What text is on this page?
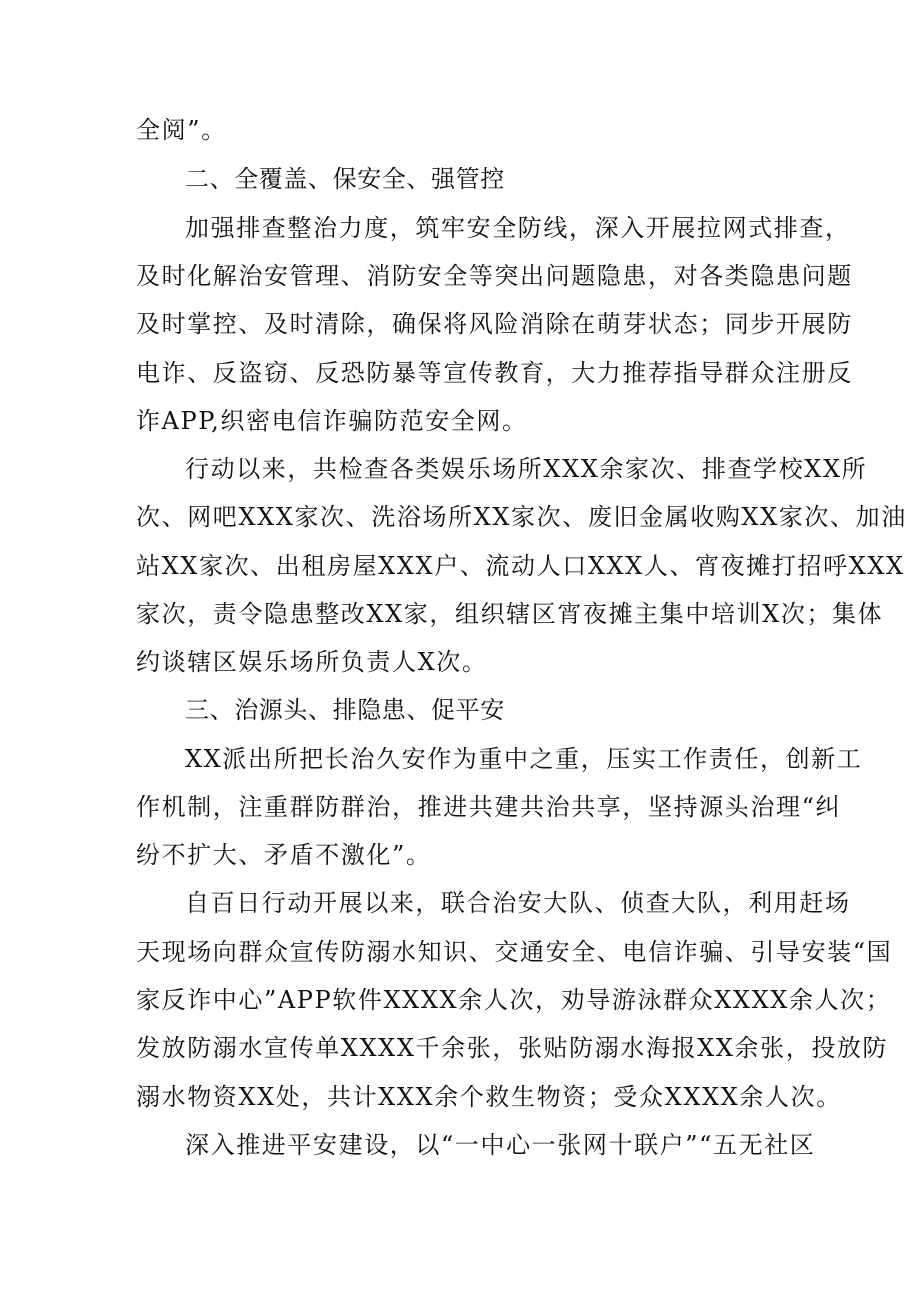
全阅”。

二、全覆盖、保安全、强管控

加强排查整治力度，筑牢安全防线，深入开展拉网式排查，

及时化解治安管理、消防安全等突出问题隐患，对各类隐患问题

及时掌控、及时清除，确保将风险消除在萌芽状态；同步开展防

电诈、反盗窃、反恐防暴等宣传教育，大力推荐指导群众注册反

诈APP,织密电信诈骗防范安全网。

行动以来，共检查各类娱乐场所XXX余家次、排查学校XX所

次、网吧XXX家次、洗浴场所XX家次、废旧金属收购XX家次、加油

站XX家次、出租房屋XXX户、流动人口XXX人、宵夜摊打招呼XXX

家次，责令隐患整改XX家，组织辖区宵夜摊主集中培训X次；集体

约谈辖区娱乐场所负责人X次。

三、治源头、排隐患、促平安

XX派出所把长治久安作为重中之重，压实工作责任，创新工

作机制，注重群防群治，推进共建共治共享，坚持源头治理“纠

纷不扩大、矛盾不激化”。

自百日行动开展以来，联合治安大队、侦查大队，利用赶场

天现场向群众宣传防溺水知识、交通安全、电信诈骗、引导安装“国

家反诈中心”APP软件XXXX余人次，劝导游泳群众XXXX余人次；

发放防溺水宣传单XXXX千余张，张贴防溺水海报XX余张，投放防

溺水物资XX处，共计XXX余个救生物资；受众XXXX余人次。

深入推进平安建设，以“一中心一张网十联户”“五无社区
